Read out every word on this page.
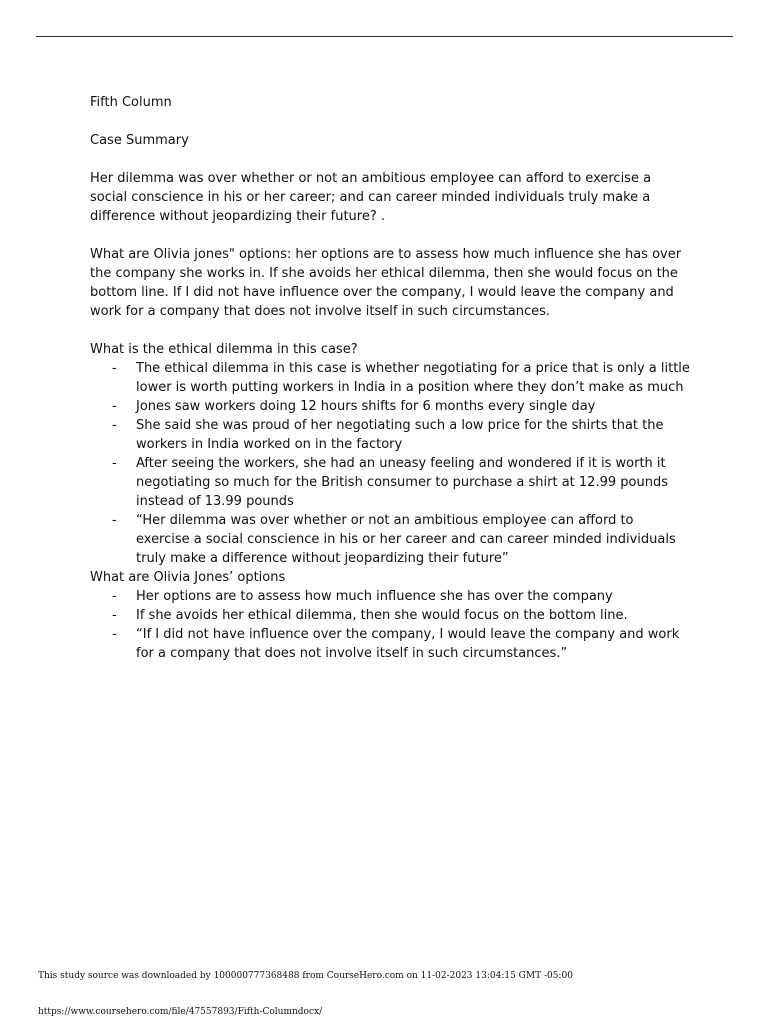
Fifth Column

Case Summary

Her dilemma was over whether or not an ambitious employee can afford to exercise a social conscience in his or her career; and can career minded individuals truly make a difference without jeopardizing their future? .

What are Olivia jones" options: her options are to assess how much influence she has over the company she works in. If she avoids her ethical dilemma, then she would focus on the bottom line. If I did not have influence over the company, I would leave the company and work for a company that does not involve itself in such circumstances.

What is the ethical dilemma in this case?

- The ethical dilemma in this case is whether negotiating for a price that is only a little lower is worth putting workers in India in a position where they don’t make as much
- Jones saw workers doing 12 hours shifts for 6 months every single day
- She said she was proud of her negotiating such a low price for the shirts that the workers in India worked on in the factory
- After seeing the workers, she had an uneasy feeling and wondered if it is worth it negotiating so much for the British consumer to purchase a shirt at 12.99 pounds instead of 13.99 pounds
- “Her dilemma was over whether or not an ambitious employee can afford to exercise a social conscience in his or her career and can career minded individuals truly make a difference without jeopardizing their future”

What are Olivia Jones’ options

- Her options are to assess how much influence she has over the company
- If she avoids her ethical dilemma, then she would focus on the bottom line.
- “If I did not have influence over the company, I would leave the company and work for a company that does not involve itself in such circumstances.”
This study source was downloaded by 100000777368488 from CourseHero.com on 11-02-2023 13:04:15 GMT -05:00
https://www.coursehero.com/file/47557893/Fifth-Columndocx/
